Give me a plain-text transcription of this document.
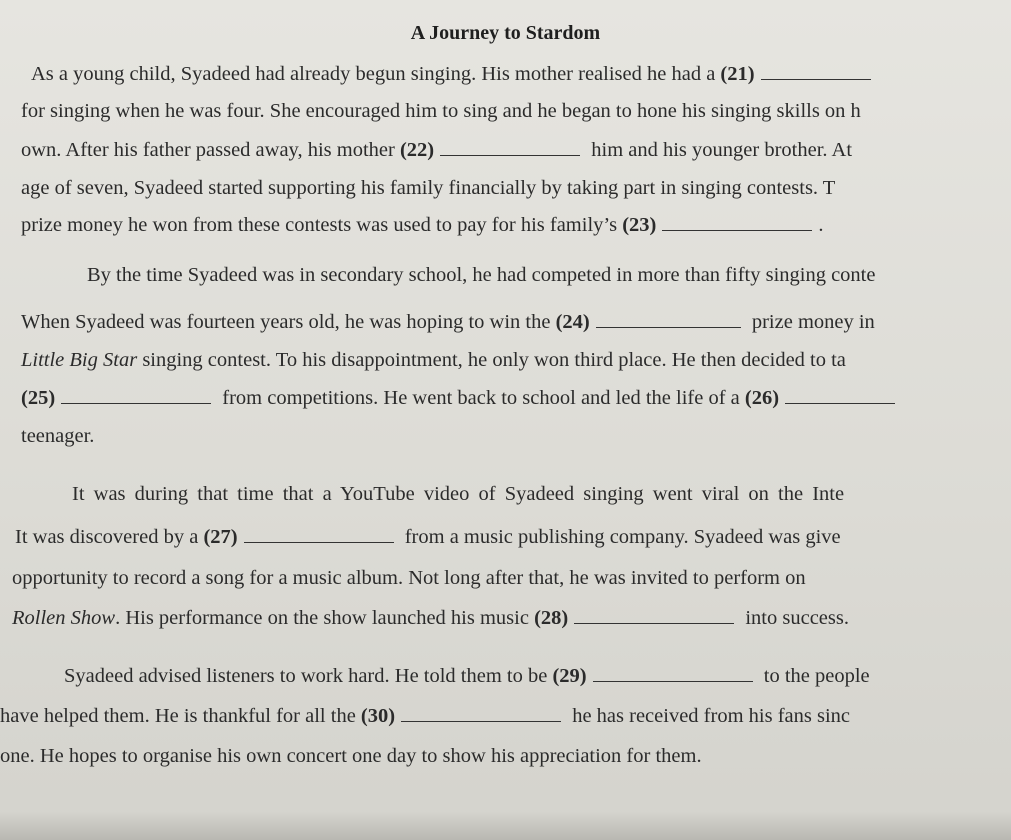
A Journey to Stardom
As a young child, Syadeed had already begun singing. His mother realised he had a (21)
for singing when he was four. She encouraged him to sing and he began to hone his singing skills on h
own. After his father passed away, his mother (22)	him and his younger brother. At
age of seven, Syadeed started supporting his family financially by taking part in singing contests. T
prize money he won from these contests was used to pay for his family’s (23)	.
By the time Syadeed was in secondary school, he had competed in more than fifty singing conte
When Syadeed was fourteen years old, he was hoping to win the (24)	prize money in
Little Big Star singing contest. To his disappointment, he only won third place. He then decided to ta
(25)	from competitions. He went back to school and led the life of a (26)
teenager.
It was during that time that a YouTube video of Syadeed singing went viral on the Inte
It was discovered by a (27)	from a music publishing company. Syadeed was give
opportunity to record a song for a music album. Not long after that, he was invited to perform on
Rollen Show. His performance on the show launched his music (28)	into success.
Syadeed advised listeners to work hard. He told them to be (29)	to the people
have helped them. He is thankful for all the (30)	he has received from his fans sinc
one. He hopes to organise his own concert one day to show his appreciation for them.
